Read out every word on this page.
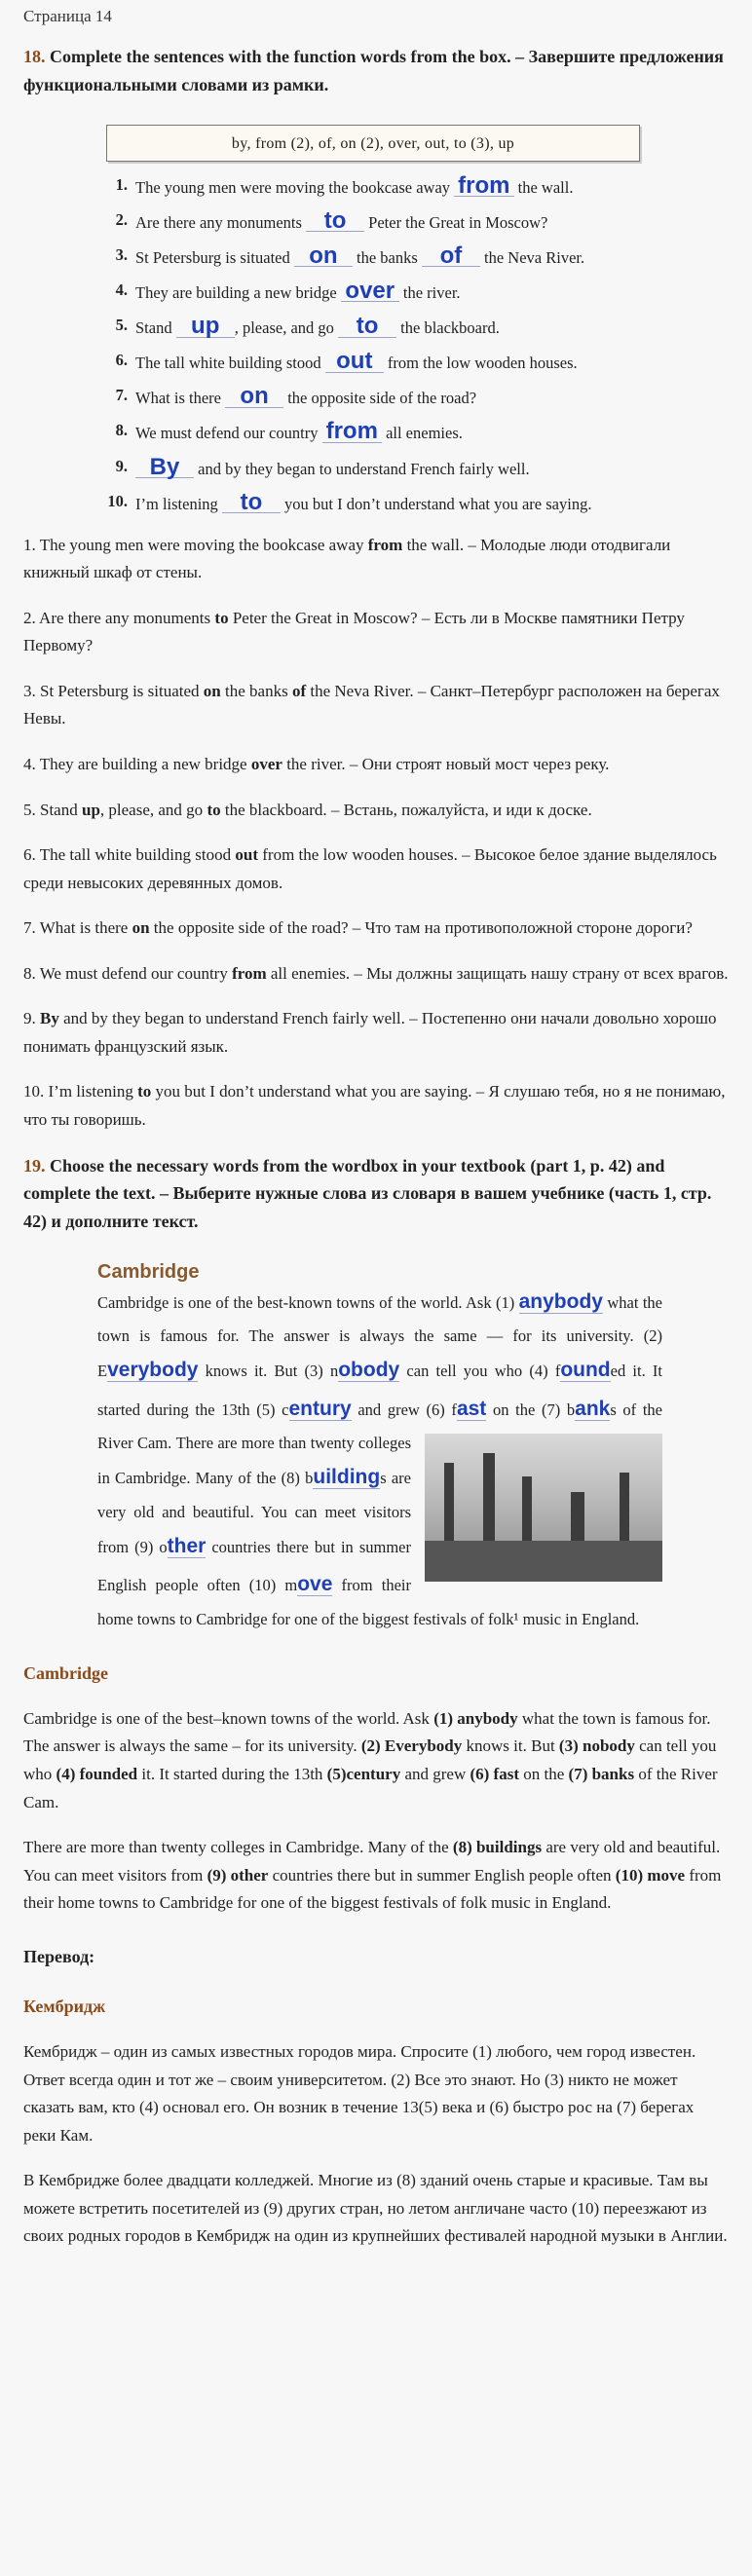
Страница 14
18. Complete the sentences with the function words from the box. – Завершите предложения функциональными словами из рамки.
by, from (2), of, on (2), over, out, to (3), up
1. The young men were moving the bookcase away from the wall.
2. Are there any monuments to Peter the Great in Moscow?
3. St Petersburg is situated on the banks of the Neva River.
4. They are building a new bridge over the river.
5. Stand up , please, and go to the blackboard.
6. The tall white building stood out from the low wooden houses.
7. What is there on the opposite side of the road?
8. We must defend our country from all enemies.
9. By and by they began to understand French fairly well.
10. I’m listening to you but I don’t understand what you are saying.
1. The young men were moving the bookcase away from the wall. – Молодые люди отодвигали книжный шкаф от стены.
2. Are there any monuments to Peter the Great in Moscow? – Есть ли в Москве памятники Петру Первому?
3. St Petersburg is situated on the banks of the Neva River. – Санкт–Петербург расположен на берегах Невы.
4. They are building a new bridge over the river. – Они строят новый мост через реку.
5. Stand up, please, and go to the blackboard. – Встань, пожалуйста, и иди к доске.
6. The tall white building stood out from the low wooden houses. – Высокое белое здание выделялось среди невысоких деревянных домов.
7. What is there on the opposite side of the road? – Что там на противоположной стороне дороги?
8. We must defend our country from all enemies. – Мы должны защищать нашу страну от всех врагов.
9. By and by they began to understand French fairly well. – Постепенно они начали довольно хорошо понимать французский язык.
10. I’m listening to you but I don’t understand what you are saying. – Я слушаю тебя, но я не понимаю, что ты говоришь.
19. Choose the necessary words from the wordbox in your textbook (part 1, p. 42) and complete the text. – Выберите нужные слова из словаря в вашем учебнике (часть 1, стр. 42) и дополните текст.
Cambridge
Cambridge is one of the best-known towns of the world. Ask (1) anybody what the town is famous for. The answer is always the same — for its university. (2) Everybody knows it. But (3) nobody can tell you who (4) founded it. It started during the 13th (5) century and grew (6) fast on the (7) banks of the River Cam.
There are more than twenty colleges in Cambridge. Many of the (8) buildings are very old and beautiful. You can meet visitors from (9) other countries there but in summer English people often (10) move from their home towns to Cambridge for one of the biggest festivals of folk¹ music in England.
Cambridge
Cambridge is one of the best–known towns of the world. Ask (1) anybody what the town is famous for. The answer is always the same – for its university. (2) Everybody knows it. But (3) nobody can tell you who (4) founded it. It started during the 13th (5)century and grew (6) fast on the (7) banks of the River Cam.
There are more than twenty colleges in Cambridge. Many of the (8) buildings are very old and beautiful. You can meet visitors from (9) other countries there but in summer English people often (10) move from their home towns to Cambridge for one of the biggest festivals of folk music in England.
Перевод:
Кембридж
Кембридж – один из самых известных городов мира. Спросите (1) любого, чем город известен. Ответ всегда один и тот же – своим университетом. (2) Все это знают. Но (3) никто не может сказать вам, кто (4) основал его. Он возник в течение 13(5) века и (6) быстро рос на (7) берегах реки Кам.
В Кембридже более двадцати колледжей. Многие из (8) зданий очень старые и красивые. Там вы можете встретить посетителей из (9) других стран, но летом англичане часто (10) переезжают из своих родных городов в Кембридж на один из крупнейших фестивалей народной музыки в Англии.
